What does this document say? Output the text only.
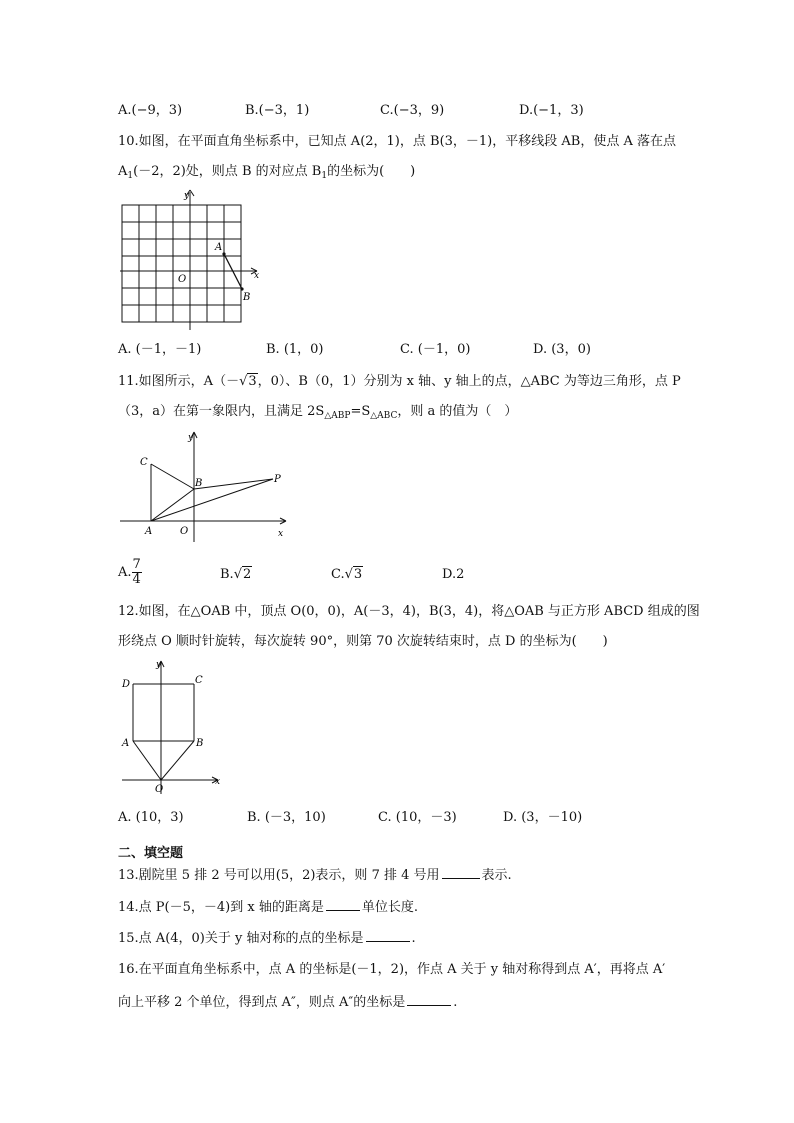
A.(−9，3)	B.(−3，1)	C.(−3，9)	D.(−1，3)
10.如图，在平面直角坐标系中，已知点 A(2，1)，点 B(3，－1)，平移线段 AB，使点 A 落在点
$A_1(-2$，2)处，则点 B 的对应点 $B_1$的坐标为(　　)
y
x
O
A
B
A. (－1，－1)	B. (1，0)	C. (－1，0)	D. (3，0)
11.如图所示，A（－√3，0）、B（0，1）分别为 x 轴、y 轴上的点，△ABC 为等边三角形，点 P
（3，a）在第一象限内，且满足 $2S_{\triangle ABP}=S_{\triangle ABC}$，则 a 的值为（　）
y
x
O
A
B
C
P
A. $\frac{7}{4}$	B.√2	C.√3	D.2
12.如图，在△OAB 中，顶点 O(0，0)，A(－3，4)，B(3，4)，将△OAB 与正方形 ABCD 组成的图
形绕点 O 顺时针旋转，每次旋转 90°，则第 70 次旋转结束时，点 D 的坐标为(　　)
y
x
O
A	B
C
D
A. (10，3)	B. (－3，10)	C. (10，－3)	D. (3，－10)
二、填空题
13.剧院里 5 排 2 号可以用(5，2)表示，则 7 排 4 号用	表示.
14.点 P(－5，－4)到 x 轴的距离是	单位长度.
15.点 A(4，0)关于 y 轴对称的点的坐标是	.
16.在平面直角坐标系中，点 A 的坐标是(－1，2)，作点 A 关于 y 轴对称得到点 A′，再将点 A′
向上平移 2 个单位，得到点 A″，则点 A″的坐标是	.
